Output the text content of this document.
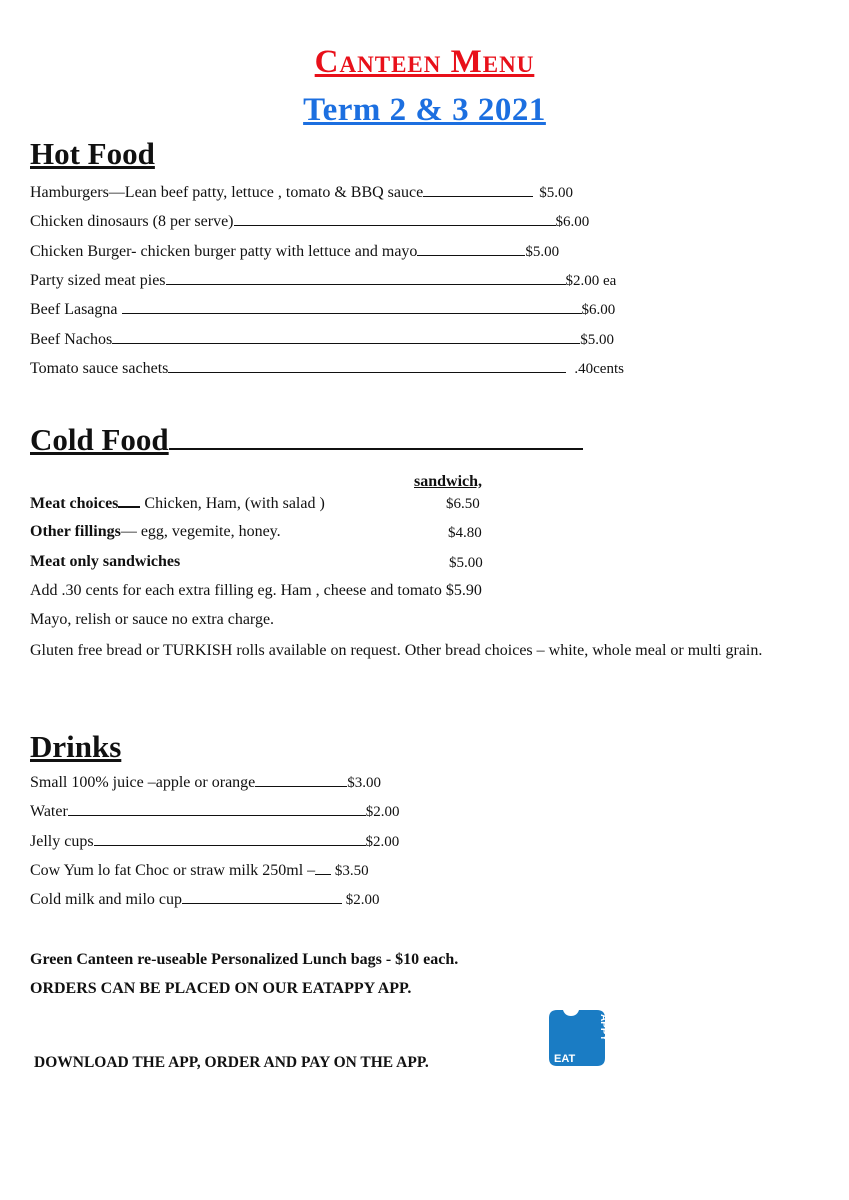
Canteen Menu
Term 2 & 3 2021
Hot Food
Hamburgers—Lean beef patty, lettuce , tomato & BBQ sauce	$5.00
Chicken dinosaurs (8 per serve)	$6.00
Chicken Burger- chicken burger patty with lettuce and mayo	$5.00
Party sized meat pies	$2.00 ea
Beef Lasagna	$6.00
Beef Nachos	$5.00
Tomato sauce sachets	.40cents
Cold Food
sandwich,
Meat choices Chicken, Ham, (with salad )	$6.50
Other fillings— egg, vegemite, honey.	$4.80
Meat only sandwiches	$5.00
Add .30 cents for each extra filling eg. Ham , cheese and tomato $5.90
Mayo, relish or sauce no extra charge.
Gluten free bread or TURKISH rolls available on request. Other bread choices – white, whole meal or multi grain.
Drinks
Small 100% juice –apple or orange	$3.00
Water	$2.00
Jelly cups	$2.00
Cow Yum lo fat Choc or straw milk 250ml – $3.50
Cold milk and milo cup	$2.00
Green Canteen re-useable Personalized Lunch bags - $10 each.
ORDERS CAN BE PLACED ON OUR EATAPPY APP.
DOWNLOAD THE APP, ORDER AND PAY ON THE APP.	EAT
APPY
